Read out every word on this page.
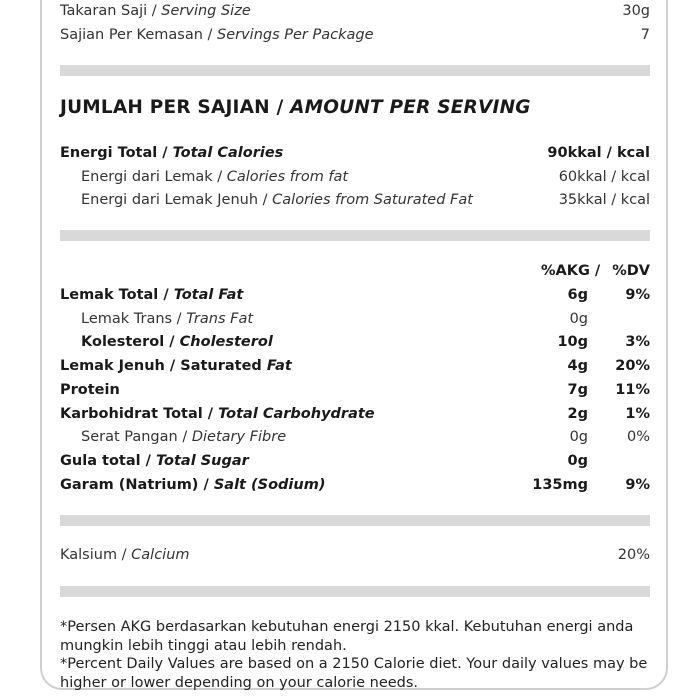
Takaran Saji / Serving Size	30g
Sajian Per Kemasan / Servings Per Package	7
JUMLAH PER SAJIAN / AMOUNT PER SERVING
Energi Total / Total Calories	90kkal / kcal
Energi dari Lemak / Calories from fat	60kkal / kcal
Energi dari Lemak Jenuh / Calories from Saturated Fat	35kkal / kcal
%AKG / %DV
Lemak Total / Total Fat	6g	9%
Lemak Trans / Trans Fat	0g
Kolesterol / Cholesterol	10g	3%
Lemak Jenuh / Saturated Fat	4g	20%
Protein	7g	11%
Karbohidrat Total / Total Carbohydrate	2g	1%
Serat Pangan / Dietary Fibre	0g	0%
Gula total / Total Sugar	0g
Garam (Natrium) / Salt (Sodium)	135mg	9%
Kalsium / Calcium	20%
*Persen AKG berdasarkan kebutuhan energi 2150 kkal. Kebutuhan energi anda mungkin lebih tinggi atau lebih rendah.
*Percent Daily Values are based on a 2150 Calorie diet. Your daily values may be higher or lower depending on your calorie needs.
